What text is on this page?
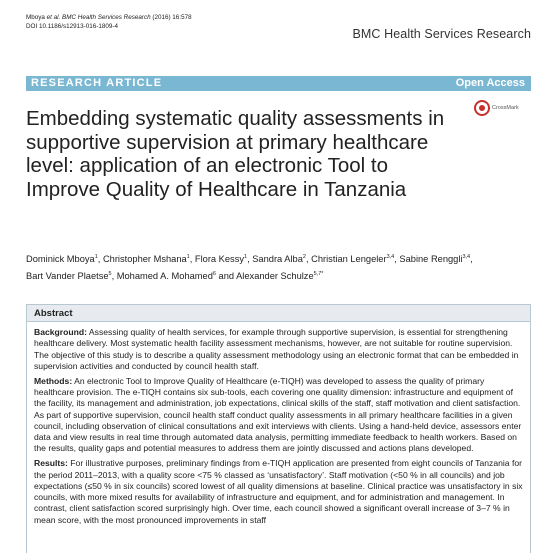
Mboya et al. BMC Health Services Research (2016) 16:578
DOI 10.1186/s12913-016-1809-4
BMC Health Services Research
RESEARCH ARTICLE	Open Access
CrossMark
Embedding systematic quality assessments in supportive supervision at primary healthcare level: application of an electronic Tool to Improve Quality of Healthcare in Tanzania
Dominick Mboya$^1$, Christopher Mshana$^1$, Flora Kessy$^1$, Sandra Alba$^2$, Christian Lengeler$^{3,4}$, Sabine Renggli$^{3,4}$,
Bart Vander Plaetse$^5$, Mohamed A. Mohamed$^6$ and Alexander Schulze$^{5,7*}$
Abstract

Background: Assessing quality of health services, for example through supportive supervision, is essential for strengthening healthcare delivery. Most systematic health facility assessment mechanisms, however, are not suitable for routine supervision. The objective of this study is to describe a quality assessment methodology using an electronic format that can be embedded in supervision activities and conducted by council health staff.

Methods: An electronic Tool to Improve Quality of Healthcare (e-TIQH) was developed to assess the quality of primary healthcare provision. The e-TIQH contains six sub-tools, each covering one quality dimension: infrastructure and equipment of the facility, its management and administration, job expectations, clinical skills of the staff, staff motivation and client satisfaction. As part of supportive supervision, council health staff conduct quality assessments in all primary healthcare facilities in a given council, including observation of clinical consultations and exit interviews with clients. Using a hand-held device, assessors enter data and view results in real time through automated data analysis, permitting immediate feedback to health workers. Based on the results, quality gaps and potential measures to address them are jointly discussed and actions plans developed.

Results: For illustrative purposes, preliminary findings from e-TIQH application are presented from eight councils of Tanzania for the period 2011–2013, with a quality score <75 % classed as ‘unsatisfactory’. Staff motivation (<50 % in all councils) and job expectations (≤50 % in six councils) scored lowest of all quality dimensions at baseline. Clinical practice was unsatisfactory in six councils, with more mixed results for availability of infrastructure and equipment, and for administration and management. In contrast, client satisfaction scored surprisingly high. Over time, each council showed a significant overall increase of 3–7 % in mean score, with the most pronounced improvements in staff
